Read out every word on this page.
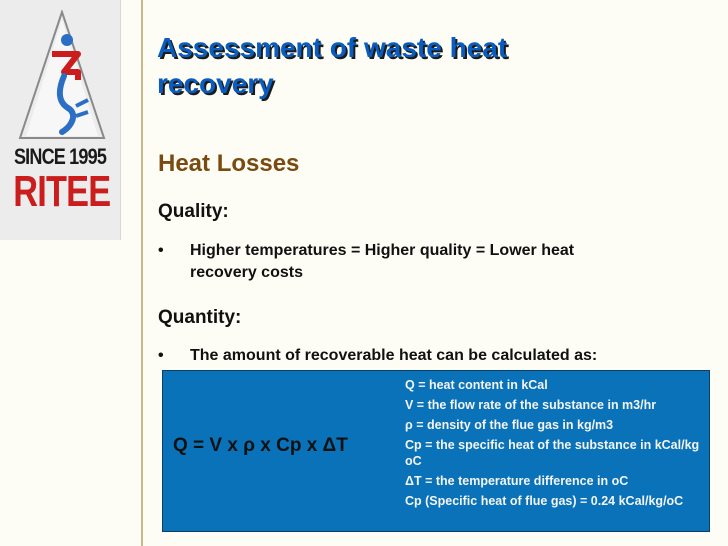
SINCE 1995
RITEE
Assessment of waste heat
recovery
Heat Losses
Quality:
•	Higher temperatures = Higher quality = Lower heat
recovery costs
Quantity:
•	The amount of recoverable heat can be calculated as:
Q = V x ρ x Cp x ΔT
Q = heat content in kCal
V = the flow rate of the substance in m3/hr
ρ = density of the flue gas in kg/m3
Cp = the specific heat of the substance in kCal/kg oC
ΔT = the temperature difference in oC
Cp (Specific heat of flue gas) = 0.24 kCal/kg/oC
